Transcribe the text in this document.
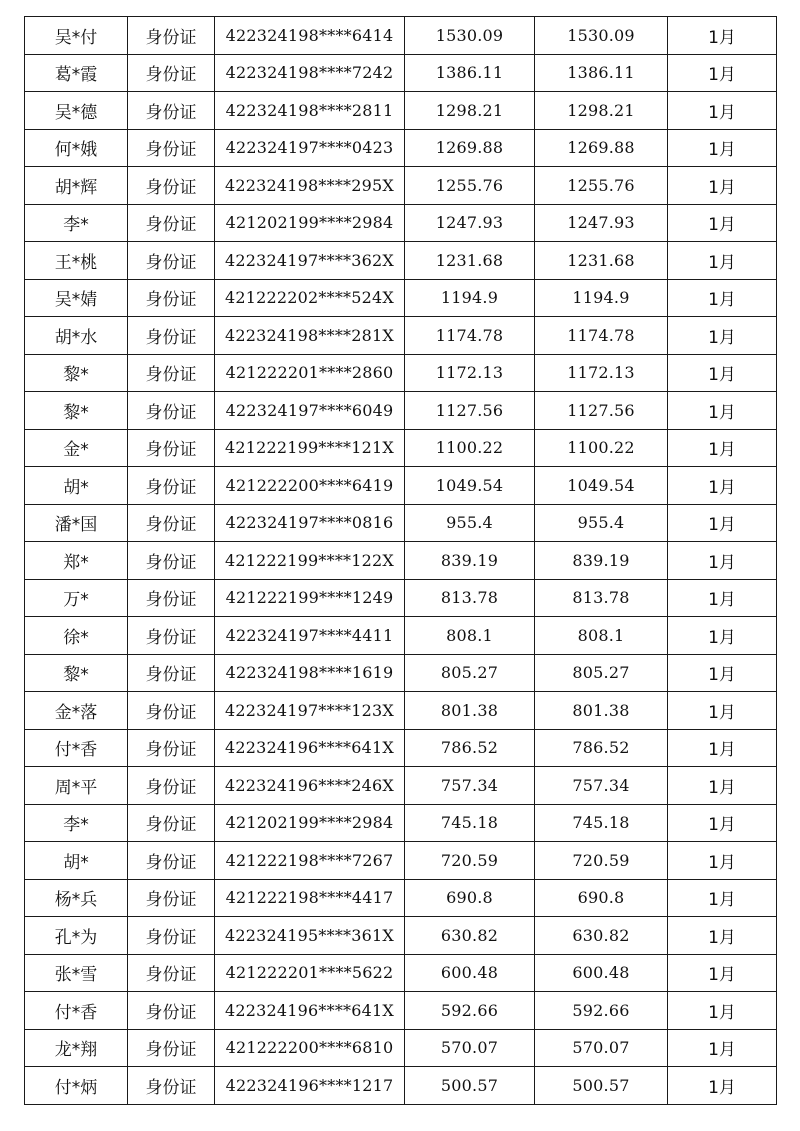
吴*付	身份证	422324198****6414	1530.09	1530.09	1月
葛*霞	身份证	422324198****7242	1386.11	1386.11	1月
吴*德	身份证	422324198****2811	1298.21	1298.21	1月
何*娥	身份证	422324197****0423	1269.88	1269.88	1月
胡*辉	身份证	422324198****295X	1255.76	1255.76	1月
李*	身份证	421202199****2984	1247.93	1247.93	1月
王*桃	身份证	422324197****362X	1231.68	1231.68	1月
吴*婧	身份证	421222202****524X	1194.9	1194.9	1月
胡*水	身份证	422324198****281X	1174.78	1174.78	1月
黎*	身份证	421222201****2860	1172.13	1172.13	1月
黎*	身份证	422324197****6049	1127.56	1127.56	1月
金*	身份证	421222199****121X	1100.22	1100.22	1月
胡*	身份证	421222200****6419	1049.54	1049.54	1月
潘*国	身份证	422324197****0816	955.4	955.4	1月
郑*	身份证	421222199****122X	839.19	839.19	1月
万*	身份证	421222199****1249	813.78	813.78	1月
徐*	身份证	422324197****4411	808.1	808.1	1月
黎*	身份证	422324198****1619	805.27	805.27	1月
金*落	身份证	422324197****123X	801.38	801.38	1月
付*香	身份证	422324196****641X	786.52	786.52	1月
周*平	身份证	422324196****246X	757.34	757.34	1月
李*	身份证	421202199****2984	745.18	745.18	1月
胡*	身份证	421222198****7267	720.59	720.59	1月
杨*兵	身份证	421222198****4417	690.8	690.8	1月
孔*为	身份证	422324195****361X	630.82	630.82	1月
张*雪	身份证	421222201****5622	600.48	600.48	1月
付*香	身份证	422324196****641X	592.66	592.66	1月
龙*翔	身份证	421222200****6810	570.07	570.07	1月
付*炳	身份证	422324196****1217	500.57	500.57	1月
